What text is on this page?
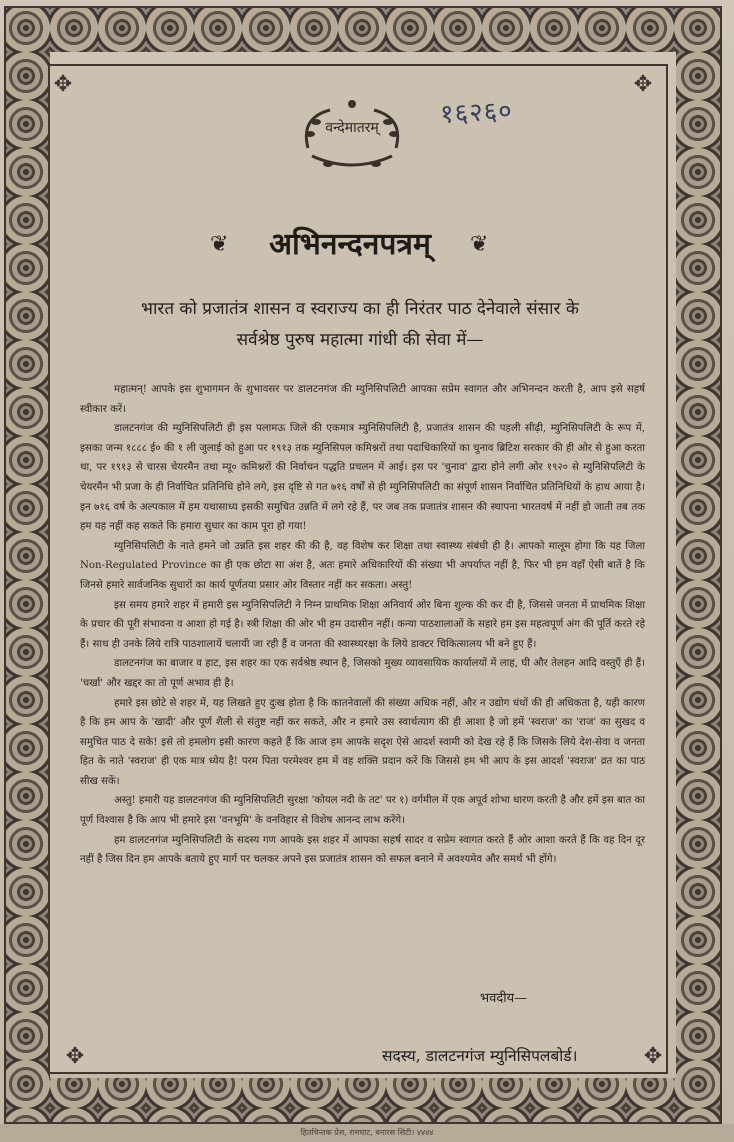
✥	✥
✥	✥
वन्देमातरम्	१६२६०
❦	अभिनन्दनपत्रम्	❦
भारत को प्रजातंत्र शासन व स्वराज्य का ही निरंतर पाठ देनेवाले संसार के
सर्वश्रेष्ठ पुरुष महात्मा गांधी की सेवा में—

महात्मन्! आपके इस शुभागमन के शुभावसर पर डालटनगंज की म्युनिसिपलिटी आपका सप्रेम स्वागत और अभिनन्दन करती है, आप इसे सहर्ष स्वीकार करें।

डालटनगंज की म्युनिसिपलिटी ही इस पलामऊ जिले की एकमात्र म्युनिसिपलिटी है, प्रजातंत्र शासन की पहली सीढ़ी, म्युनिसिपलिटी के रूप में, इसका जन्म १८८८ ई० की १ ली जुलाई को हुआ पर १९१३ तक म्युनिसिपल कमिश्नरों तथा पदाधिकारियों का चुनाव ब्रिटिश सरकार की ही ओर से हुआ करता था, पर १९१३ से चारस चेयरमैन तथा म्यू० कमिश्नरों की निर्वाचन पद्धति प्रचलन में आई। इस पर 'चुनाव' द्वारा होने लगी ओर १९२० से म्युनिसिपलिटी के चेयरमैन भी प्रजा के ही निर्वाचित प्रतिनिधि होने लगे, इस दृष्टि से गत ७१६ वर्षों से ही म्युनिसिपलिटी का संपूर्ण शासन निर्वाचित प्रतिनिधियों के हाथ आया है। इन ७१६ वर्ष के अल्पकाल में हम यथासाध्य इसकी समुचित उन्नति में लगे रहे हैं, पर जब तक प्रजातंत्र शासन की स्थापना भारतवर्ष में नहीं हो जाती तब तक हम यह नहीं कह सकते कि हमारा सुधार का काम पूरा हो गया!

म्युनिसिपलिटी के नाते हमने जो उन्नति इस शहर की की है, वह विशेष कर शिक्षा तथा स्वास्थ्य संबंधी ही है। आपको मालूम होगा कि यह जिला Non-Regulated Province का ही एक छोटा सा अंश है, अतः हमारे अधिकारियों की संख्या भी अपर्याप्त नहीं है, फिर भी हम वहाँ ऐसी बातें है कि जिनसे हमारे सार्वजनिक सुधारों का कार्य पूर्णतया प्रसार ओर विस्तार नहीं कर सकता। अस्तु!

इस समय हमारे शहर में हमारी इस म्युनिसिपलिटी ने निम्न प्राथमिक शिक्षा अनिवार्य ओर बिना शुल्क की कर दी है, जिससे जनता में प्राथमिक शिक्षा के प्रचार की पूरी संभावना व आशा हो गई है। स्त्री शिक्षा की ओर भी हम उदासीन नहीं। कन्या पाठशालाओं के सहारे हम इस महत्वपूर्ण अंग की पूर्ति करते रहे हैं। साथ ही उनके लिये रात्रि पाठशालायें चलायी जा रही हैं व जनता की स्वास्थ्यरक्षा के लिये डाक्टर चिकित्सालय भी बने हुए हैं।

डालटनगंज का बाजार व हाट, इस शहर का एक सर्वश्रेष्ठ स्थान है, जिसको मुख्य व्यावसायिक कार्यालयों में लाह, घी और तेलहन आदि वस्तुएँ ही हैं। 'चर्खा' और खद्दर का तो पूर्ण अभाव ही है।

हमारे इस छोटे से शहर में, यह लिखते हुए दुःख होता है कि कातनेवालों की संख्या अधिक नहीं, और न उद्योग धंधों की ही अधिकता है, यही कारण है कि हम आप के 'खादी' और पूर्ण शैली से संतुष्ट नहीं कर सकते, और न हमारे उस स्वार्थत्याग की ही आशा है जो हमें 'स्वराज' का 'राज' का सुखद व समुचित पाठ दे सके! इसे तो हमलोग इसी कारण कहते हैं कि आज हम आपके सदृश ऐसे आदर्श स्वामी को देख रहे हैं कि जिसके लिये देश-सेवा व जनता हित के नाते 'स्वराज' ही एक मात्र ध्येय है! परम पिता परमेश्वर हम में वह शक्ति प्रदान करें कि जिससे हम भी आप के इस आदर्श 'स्वराज' व्रत का पाठ सीख सकें।

अस्तु! हमारी यह डालटनगंज की म्युनिसिपलिटी सुरक्षा 'कोयल नदी के तट' पर १) वर्गमील में एक अपूर्व शोभा धारण करती है और हमें इस बात का पूर्ण विश्वास है कि आप भी हमारे इस 'वनभूमि' के वनविहार से विशेष आनन्द लाभ करेंगे।

हम डालटनगंज म्युनिसिपलिटी के सदस्य गण आपके इस शहर में आपका सहर्ष सादर व सप्रेम स्वागत करते हैं ओर आशा करते हैं कि वह दिन दूर नहीं है जिस दिन हम आपके बताये हुए मार्ग पर चलकर अपने इस प्रजातंत्र शासन को सफल बनाने में अवश्यमेव और समर्थ भी होंगे।

भवदीय—
सदस्य, डालटनगंज म्युनिसिपलबोर्ड।
हितचिन्तक प्रेस, रामघाट, बनारस सिटी। ४४४४
